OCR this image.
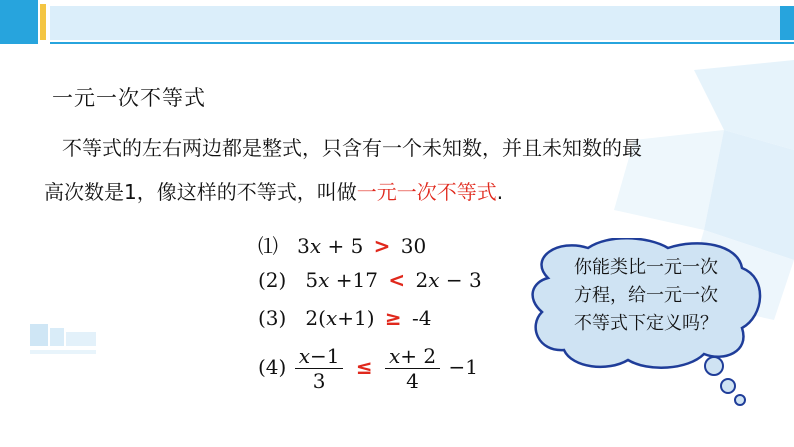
一元一次不等式
不等式的左右两边都是整式，只含有一个未知数，并且未知数的最
高次数是1，像这样的不等式，叫做一元一次不等式.
⑴ 3x + 5 > 30
(2) 5x +17 < 2x − 3
(3) 2(x+1) ≥ -4
$(4) \frac{x-1}{3} \le \frac{x+ 2}{4} -1$
你能类比一元一次
方程，给一元一次
不等式下定义吗？
